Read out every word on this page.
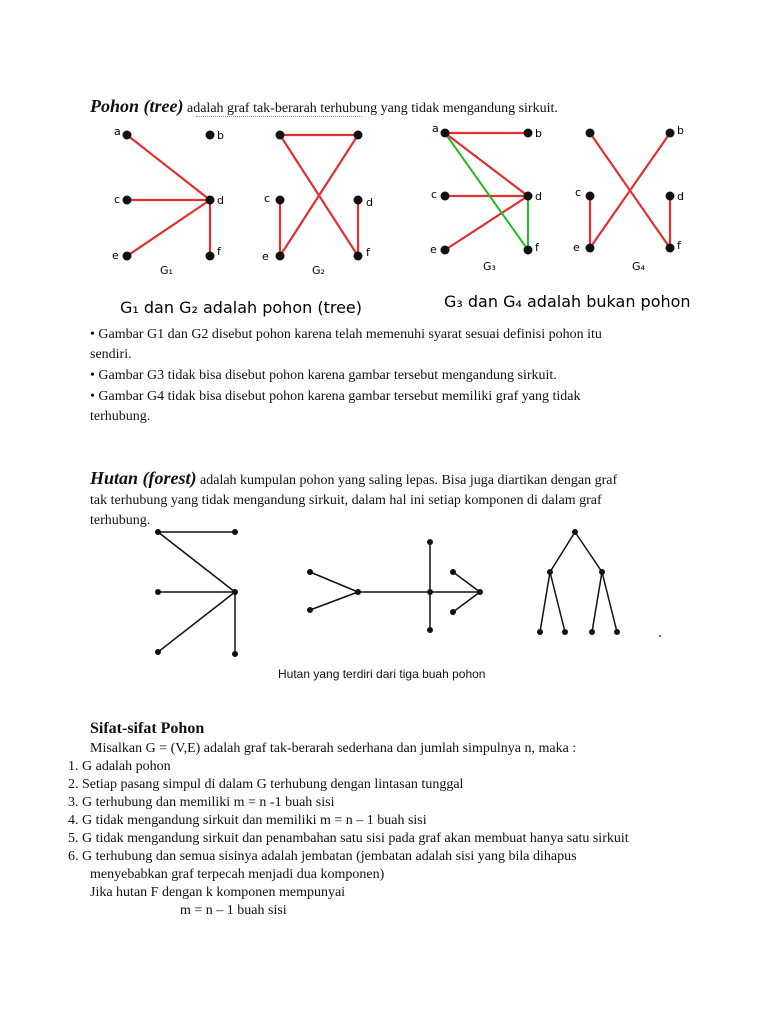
Pohon (tree) adalah graf tak-berarah terhubung yang tidak mengandung sirkuit.
a	b
c	d
e	f
G₁
c	d
e	f
G₂
a	b
c	d
e	f
G₃
b
c	d
e	f
G₄
G₁ dan G₂ adalah pohon (tree)	G₃ dan G₄ adalah bukan pohon
• Gambar G1 dan G2 disebut pohon karena telah memenuhi syarat sesuai definisi pohon itu
sendiri.
• Gambar G3 tidak bisa disebut pohon karena gambar tersebut mengandung sirkuit.
• Gambar G4 tidak bisa disebut pohon karena gambar tersebut memiliki graf yang tidak
terhubung.
Hutan (forest) adalah kumpulan pohon yang saling lepas. Bisa juga diartikan dengan graf
tak terhubung yang tidak mengandung sirkuit, dalam hal ini setiap komponen di dalam graf
terhubung.
Hutan yang terdiri dari tiga buah pohon
Sifat-sifat Pohon
Misalkan G = (V,E) adalah graf tak-berarah sederhana dan jumlah simpulnya n, maka :
1. G adalah pohon
2. Setiap pasang simpul di dalam G terhubung dengan lintasan tunggal
3. G terhubung dan memiliki m = n -1 buah sisi
4. G tidak mengandung sirkuit dan memiliki m = n – 1 buah sisi
5. G tidak mengandung sirkuit dan penambahan satu sisi pada graf akan membuat hanya satu sirkuit
6. G terhubung dan semua sisinya adalah jembatan (jembatan adalah sisi yang bila dihapus
menyebabkan graf terpecah menjadi dua komponen)
Jika hutan F dengan k komponen mempunyai
m = n – 1 buah sisi
